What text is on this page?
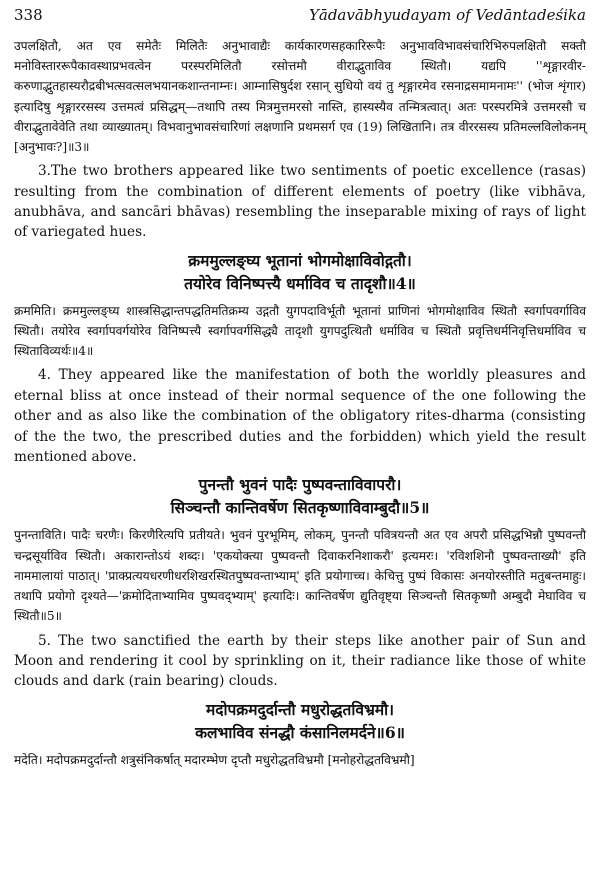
338	Yādavābhyudayam of Vedāntadeśika

उपलक्षितौ, अत एव समेतैः मिलितैः अनुभावाद्यैः कार्यकारणसहकारिरूपैः अनुभावविभावसंचारिभिरुपलक्षितौ सक्तौ मनोविस्ताररूपैकावस्थाप्रभवत्वेन परस्परमिलितौ रसोत्तमौ वीराद्भुताविव स्थितौ। यद्यपि ''शृङ्गारवीर-करुणाद्भुतहास्यरौद्रबीभत्सवत्सलभयानकशान्तनाम्नः। आम्नासिषुर्दश रसान् सुधियो वयं तु शृङ्गारमेव रसनाद्रसमामनामः'' (भोज शृंगार) इत्यादिषु शृङ्गाररसस्य उत्तमत्वं प्रसिद्धम्—तथापि तस्य मित्रमुत्तमरसो नास्ति, हास्यस्यैव तन्मित्रत्वात्। अतः परस्परमित्रे उत्तमरसौ च वीराद्भुतावेवेति तथा व्याख्यातम्। विभवानुभावसंचारिणां लक्षणानि प्रथमसर्ग एव (19) लिखितानि। तत्र वीररसस्य प्रतिमल्लविलोकनम् [अनुभावः?]॥3॥

3.The two brothers appeared like two sentiments of poetic excellence (rasas) resulting from the combination of different elements of poetry (like vibhāva, anubhāva, and sancāri bhāvas) resembling the inseparable mixing of rays of light of variegated hues.

क्रममुल्लङ्घ्य भूतानां भोगमोक्षाविवोद्गतौ।
तयोरेव विनिष्पत्त्यै धर्माविव च तादृशौ॥4॥

क्रममिति। क्रममुल्लङ्घ्य शास्त्रसिद्धान्तपद्धतिमतिक्रम्य उद्गतौ युगपदाविर्भूतौ भूतानां प्राणिनां भोगमोक्षाविव स्थितौ स्वर्गापवर्गाविव स्थितौ। तयोरेव स्वर्गापवर्गयोरेव विनिष्पत्त्यै स्वर्गापवर्गसिद्ध्यै तादृशौ युगपदुत्थितौ धर्माविव च स्थितौ प्रवृत्तिधर्मनिवृत्तिधर्माविव च स्थिताविव्यर्थः॥4॥

4. They appeared like the manifestation of both the worldly pleasures and eternal bliss at once instead of their normal sequence of the one following the other and as also like the combination of the obligatory rites-dharma (consisting of the the two, the prescribed duties and the forbidden) which yield the result mentioned above.

पुनन्तौ भुवनं पादैः पुष्पवन्ताविवापरौ।
सिञ्चन्तौ कान्तिवर्षेण सितकृष्णाविवाम्बुदौ॥5॥

पुनन्ताविति। पादैः चरणैः। किरणैरित्यपि प्रतीयते। भुवनं पुरभूमिम्, लोकम्, पुनन्तौ पवित्रयन्तौ अत एव अपरौ प्रसिद्धभिन्नौ पुष्पवन्तौ चन्द्रसूर्याविव स्थितौ। अकारान्तोऽयं शब्दः। 'एकयोक्त्या पुष्पवन्तौ दिवाकरनिशाकरौ' इत्यमरः। 'रविशशिनौ पुष्पवन्ताख्यौ' इति नाममालायां पाठात्। 'प्राक्प्रत्ययधरणीधरशिखरस्थितपुष्पवन्ताभ्याम्' इति प्रयोगाच्च। केचित्तु पुष्पं विकासः अनयोरस्तीति मतुबन्तमाहुः। तथापि प्रयोगो दृश्यते—'क्रमोदिताभ्यामिव पुष्पवद्भ्याम्' इत्यादिः। कान्तिवर्षेण द्युतिवृष्ट्या सिञ्चन्तौ सितकृष्णौ अम्बुदौ मेघाविव च स्थितौ॥5॥

5. The two sanctified the earth by their steps like another pair of Sun and Moon and rendering it cool by sprinkling on it, their radiance like those of white clouds and dark (rain bearing) clouds.

मदोपक्रमदुर्दान्तौ मधुरोद्धतविभ्रमौ।
कलभाविव संनद्धौ कंसानिलमर्दने॥6॥

मदेति। मदोपक्रमदुर्दान्तौ शत्रुसंनिकर्षात् मदारम्भेण दृप्तौ मधुरोद्धतविभ्रमौ [मनोहरोद्धतविभ्रमौ]
